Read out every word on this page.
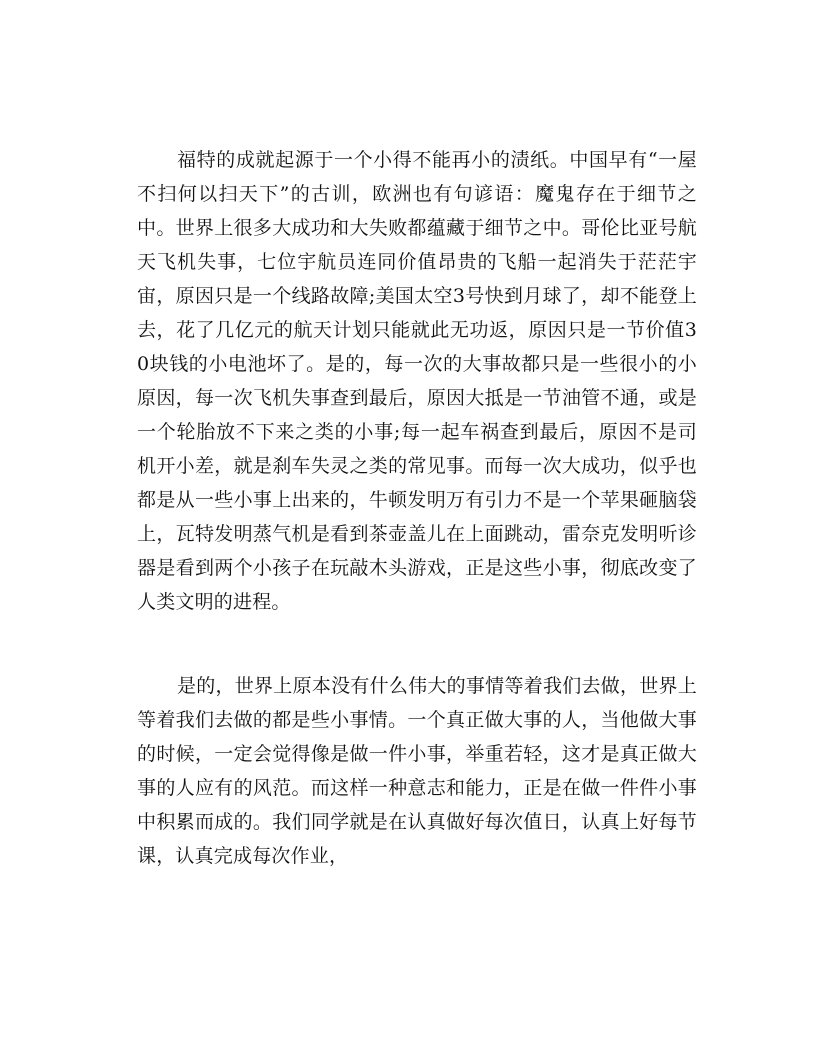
福特的成就起源于一个小得不能再小的渍纸。中国早有“一屋不扫何以扫天下”的古训，欧洲也有句谚语：魔鬼存在于细节之中。世界上很多大成功和大失败都蕴藏于细节之中。哥伦比亚号航天飞机失事，七位宇航员连同价值昂贵的飞船一起消失于茫茫宇宙，原因只是一个线路故障;美国太空3号快到月球了，却不能登上去，花了几亿元的航天计划只能就此无功返，原因只是一节价值30块钱的小电池坏了。是的，每一次的大事故都只是一些很小的小原因，每一次飞机失事查到最后，原因大抵是一节油管不通，或是一个轮胎放不下来之类的小事;每一起车祸查到最后，原因不是司机开小差，就是刹车失灵之类的常见事。而每一次大成功，似乎也都是从一些小事上出来的，牛顿发明万有引力不是一个苹果砸脑袋上，瓦特发明蒸气机是看到茶壶盖儿在上面跳动，雷奈克发明听诊器是看到两个小孩子在玩敲木头游戏，正是这些小事，彻底改变了人类文明的进程。

是的，世界上原本没有什么伟大的事情等着我们去做，世界上等着我们去做的都是些小事情。一个真正做大事的人，当他做大事的时候，一定会觉得像是做一件小事，举重若轻，这才是真正做大事的人应有的风范。而这样一种意志和能力，正是在做一件件小事中积累而成的。我们同学就是在认真做好每次值日，认真上好每节课，认真完成每次作业，
